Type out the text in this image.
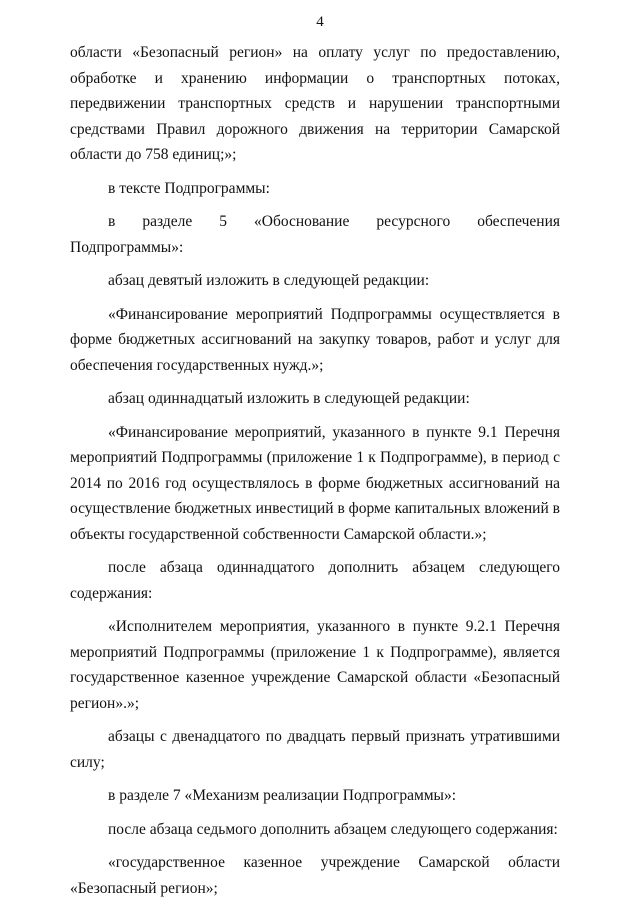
4

области «Безопасный регион» на оплату услуг по предоставлению, обработке и хранению информации о транспортных потоках, передвижении транспортных средств и нарушении транспортными средствами Правил дорожного движения на территории Самарской области до 758 единиц;»;

в тексте Подпрограммы:

в разделе 5 «Обоснование ресурсного обеспечения Подпрограммы»:

абзац девятый изложить в следующей редакции:

«Финансирование мероприятий Подпрограммы осуществляется в форме бюджетных ассигнований на закупку товаров, работ и услуг для обеспечения государственных нужд.»;

абзац одиннадцатый изложить в следующей редакции:

«Финансирование мероприятий, указанного в пункте 9.1 Перечня мероприятий Подпрограммы (приложение 1 к Подпрограмме), в период с 2014 по 2016 год осуществлялось в форме бюджетных ассигнований на осуществление бюджетных инвестиций в форме капитальных вложений в объекты государственной собственности Самарской области.»;

после абзаца одиннадцатого дополнить абзацем следующего содержания:

«Исполнителем мероприятия, указанного в пункте 9.2.1 Перечня мероприятий Подпрограммы (приложение 1 к Подпрограмме), является государственное казенное учреждение Самарской области «Безопасный регион».»;

абзацы с двенадцатого по двадцать первый признать утратившими силу;

в разделе 7 «Механизм реализации Подпрограммы»:

после абзаца седьмого дополнить абзацем следующего содержания:

«государственное казенное учреждение Самарской области «Безопасный регион»;
